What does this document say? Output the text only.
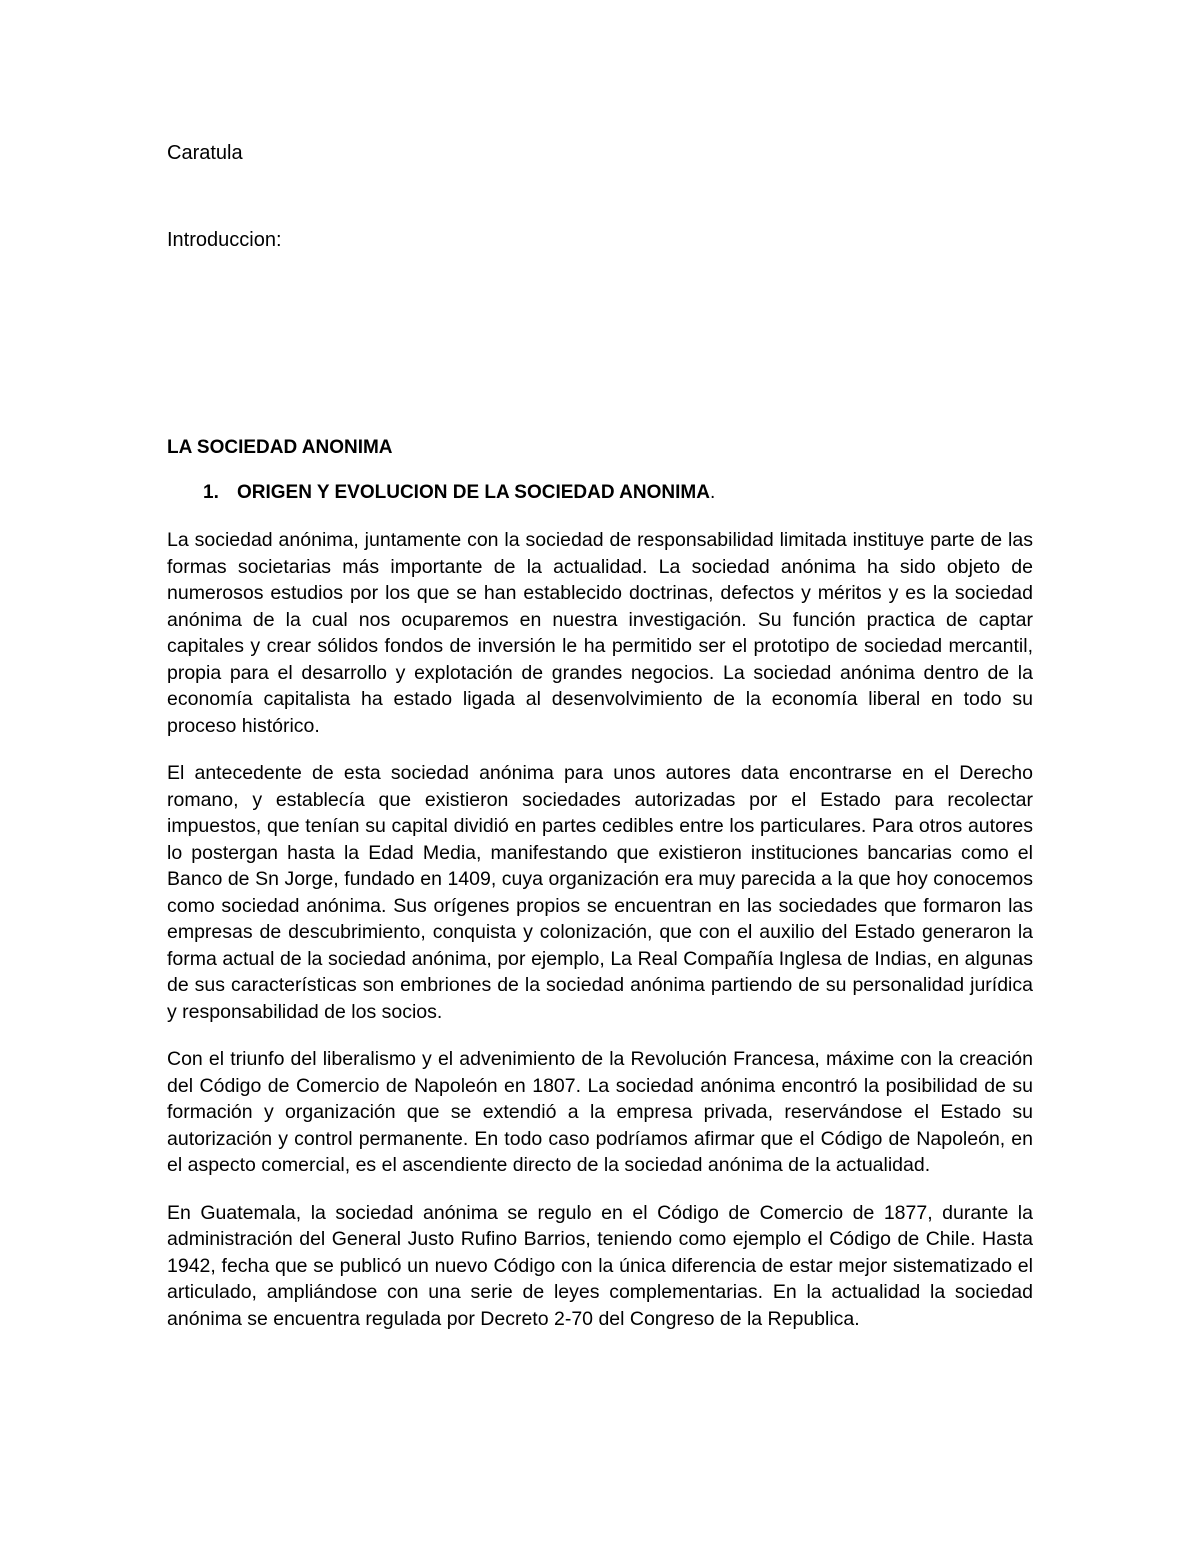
Caratula

Introduccion:

LA SOCIEDAD ANONIMA
1. ORIGEN Y EVOLUCION DE LA SOCIEDAD ANONIMA.

La sociedad anónima, juntamente con la sociedad de responsabilidad limitada instituye parte de las formas societarias más importante de la actualidad. La sociedad anónima ha sido objeto de numerosos estudios por los que se han establecido doctrinas, defectos y méritos y es la sociedad anónima de la cual nos ocuparemos en nuestra investigación. Su función practica de captar capitales y crear sólidos fondos de inversión le ha permitido ser el prototipo de sociedad mercantil, propia para el desarrollo y explotación de grandes negocios. La sociedad anónima dentro de la economía capitalista ha estado ligada al desenvolvimiento de la economía liberal en todo su proceso histórico.

El antecedente de esta sociedad anónima para unos autores data encontrarse en el Derecho romano, y establecía que existieron sociedades autorizadas por el Estado para recolectar impuestos, que tenían su capital dividió en partes cedibles entre los particulares. Para otros autores lo postergan hasta la Edad Media, manifestando que existieron instituciones bancarias como el Banco de Sn Jorge, fundado en 1409, cuya organización era muy parecida a la que hoy conocemos como sociedad anónima. Sus orígenes propios se encuentran en las sociedades que formaron las empresas de descubrimiento, conquista y colonización, que con el auxilio del Estado generaron la forma actual de la sociedad anónima, por ejemplo, La Real Compañía Inglesa de Indias, en algunas de sus características son embriones de la sociedad anónima partiendo de su personalidad jurídica y responsabilidad de los socios.

Con el triunfo del liberalismo y el advenimiento de la Revolución Francesa, máxime con la creación del Código de Comercio de Napoleón en 1807. La sociedad anónima encontró la posibilidad de su formación y organización que se extendió a la empresa privada, reservándose el Estado su autorización y control permanente. En todo caso podríamos afirmar que el Código de Napoleón, en el aspecto comercial, es el ascendiente directo de la sociedad anónima de la actualidad.

En Guatemala, la sociedad anónima se regulo en el Código de Comercio de 1877, durante la administración del General Justo Rufino Barrios, teniendo como ejemplo el Código de Chile. Hasta 1942, fecha que se publicó un nuevo Código con la única diferencia de estar mejor sistematizado el articulado, ampliándose con una serie de leyes complementarias. En la actualidad la sociedad anónima se encuentra regulada por Decreto 2-70 del Congreso de la Republica.
